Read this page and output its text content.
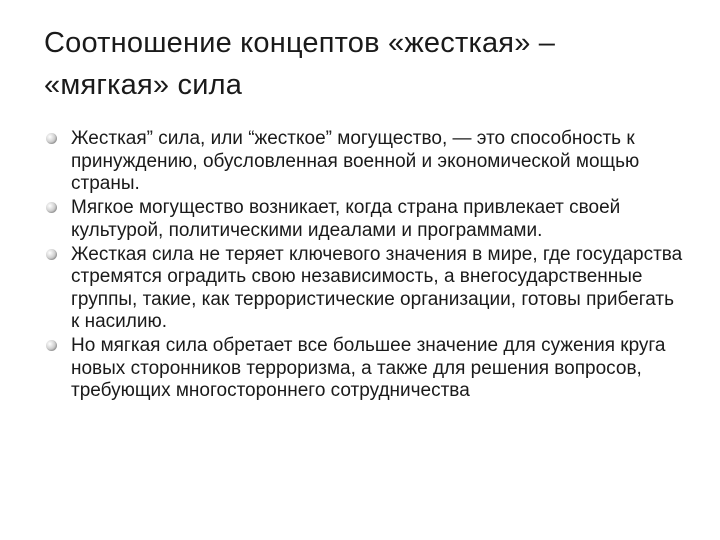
Соотношение концептов «жесткая» – «мягкая» сила
Жесткая” сила, или “жесткое” могущество, — это способность к принуждению, обусловленная военной и экономической мощью страны.
Мягкое могущество возникает, когда страна привлекает своей культурой, политическими идеалами и программами.
Жесткая сила не теряет ключевого значения в мире, где государства стремятся оградить свою независимость, а внегосударственные группы, такие, как террористические организации, готовы прибегать к насилию.
Но мягкая сила обретает все большее значение для сужения круга новых сторонников терроризма, а также для решения вопросов, требующих многостороннего сотрудничества
